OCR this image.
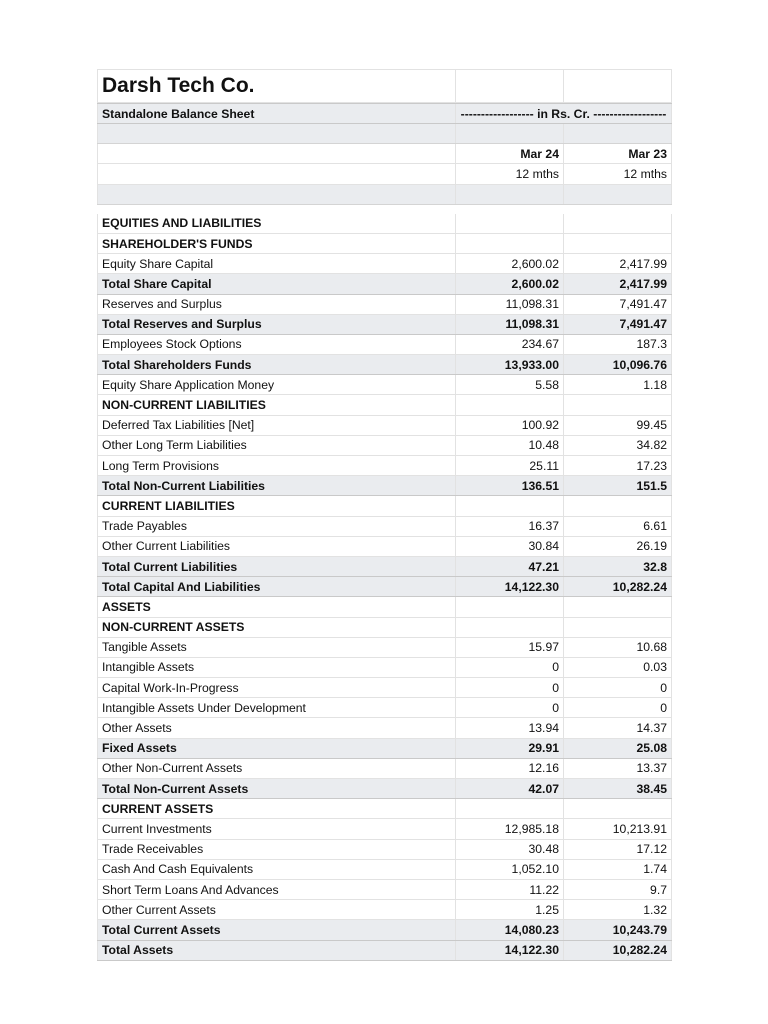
Darsh Tech Co.
Standalone Balance Sheet	------------------ in Rs. Cr. ------------------
Mar 24	Mar 23
12 mths	12 mths
EQUITIES AND LIABILITIES
SHAREHOLDER'S FUNDS
Equity Share Capital	2,600.02	2,417.99
Total Share Capital	2,600.02	2,417.99
Reserves and Surplus	11,098.31	7,491.47
Total Reserves and Surplus	11,098.31	7,491.47
Employees Stock Options	234.67	187.3
Total Shareholders Funds	13,933.00	10,096.76
Equity Share Application Money	5.58	1.18
NON-CURRENT LIABILITIES
Deferred Tax Liabilities [Net]	100.92	99.45
Other Long Term Liabilities	10.48	34.82
Long Term Provisions	25.11	17.23
Total Non-Current Liabilities	136.51	151.5
CURRENT LIABILITIES
Trade Payables	16.37	6.61
Other Current Liabilities	30.84	26.19
Total Current Liabilities	47.21	32.8
Total Capital And Liabilities	14,122.30	10,282.24
ASSETS
NON-CURRENT ASSETS
Tangible Assets	15.97	10.68
Intangible Assets	0	0.03
Capital Work-In-Progress	0	0
Intangible Assets Under Development	0	0
Other Assets	13.94	14.37
Fixed Assets	29.91	25.08
Other Non-Current Assets	12.16	13.37
Total Non-Current Assets	42.07	38.45
CURRENT ASSETS
Current Investments	12,985.18	10,213.91
Trade Receivables	30.48	17.12
Cash And Cash Equivalents	1,052.10	1.74
Short Term Loans And Advances	11.22	9.7
Other Current Assets	1.25	1.32
Total Current Assets	14,080.23	10,243.79
Total Assets	14,122.30	10,282.24
